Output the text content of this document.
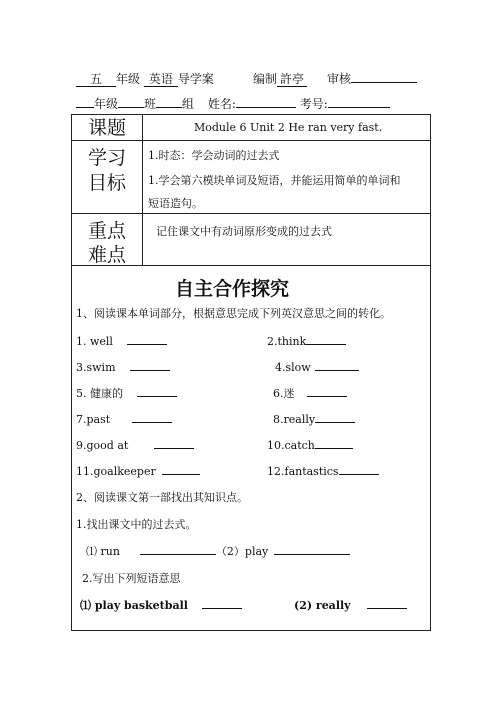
五 年级 英语 导学案	编制 許亭 审核
年级 班 组 姓名:	考号:
课题	Module 6 Unit 2 He ran very fast.
学习
目标
1.时态：学会动词的过去式
1.学会第六模块单词及短语，并能运用简单的单词和
短语造句。
重点
难点
记住课文中有动词原形变成的过去式
自主合作探究
1、阅读课本单词部分，根据意思完成下列英汉意思之间的转化。
1. well	2.think
3.swim	4.slow
5. 健康的	6.迷
7.past	8.really
9.good at	10.catch
11.goalkeeper	12.fantastics
2、阅读课文第一部找出其知识点。
1.找出课文中的过去式。
⑴ run	（2）play
2.写出下列短语意思
⑴ play basketball	(2) really
